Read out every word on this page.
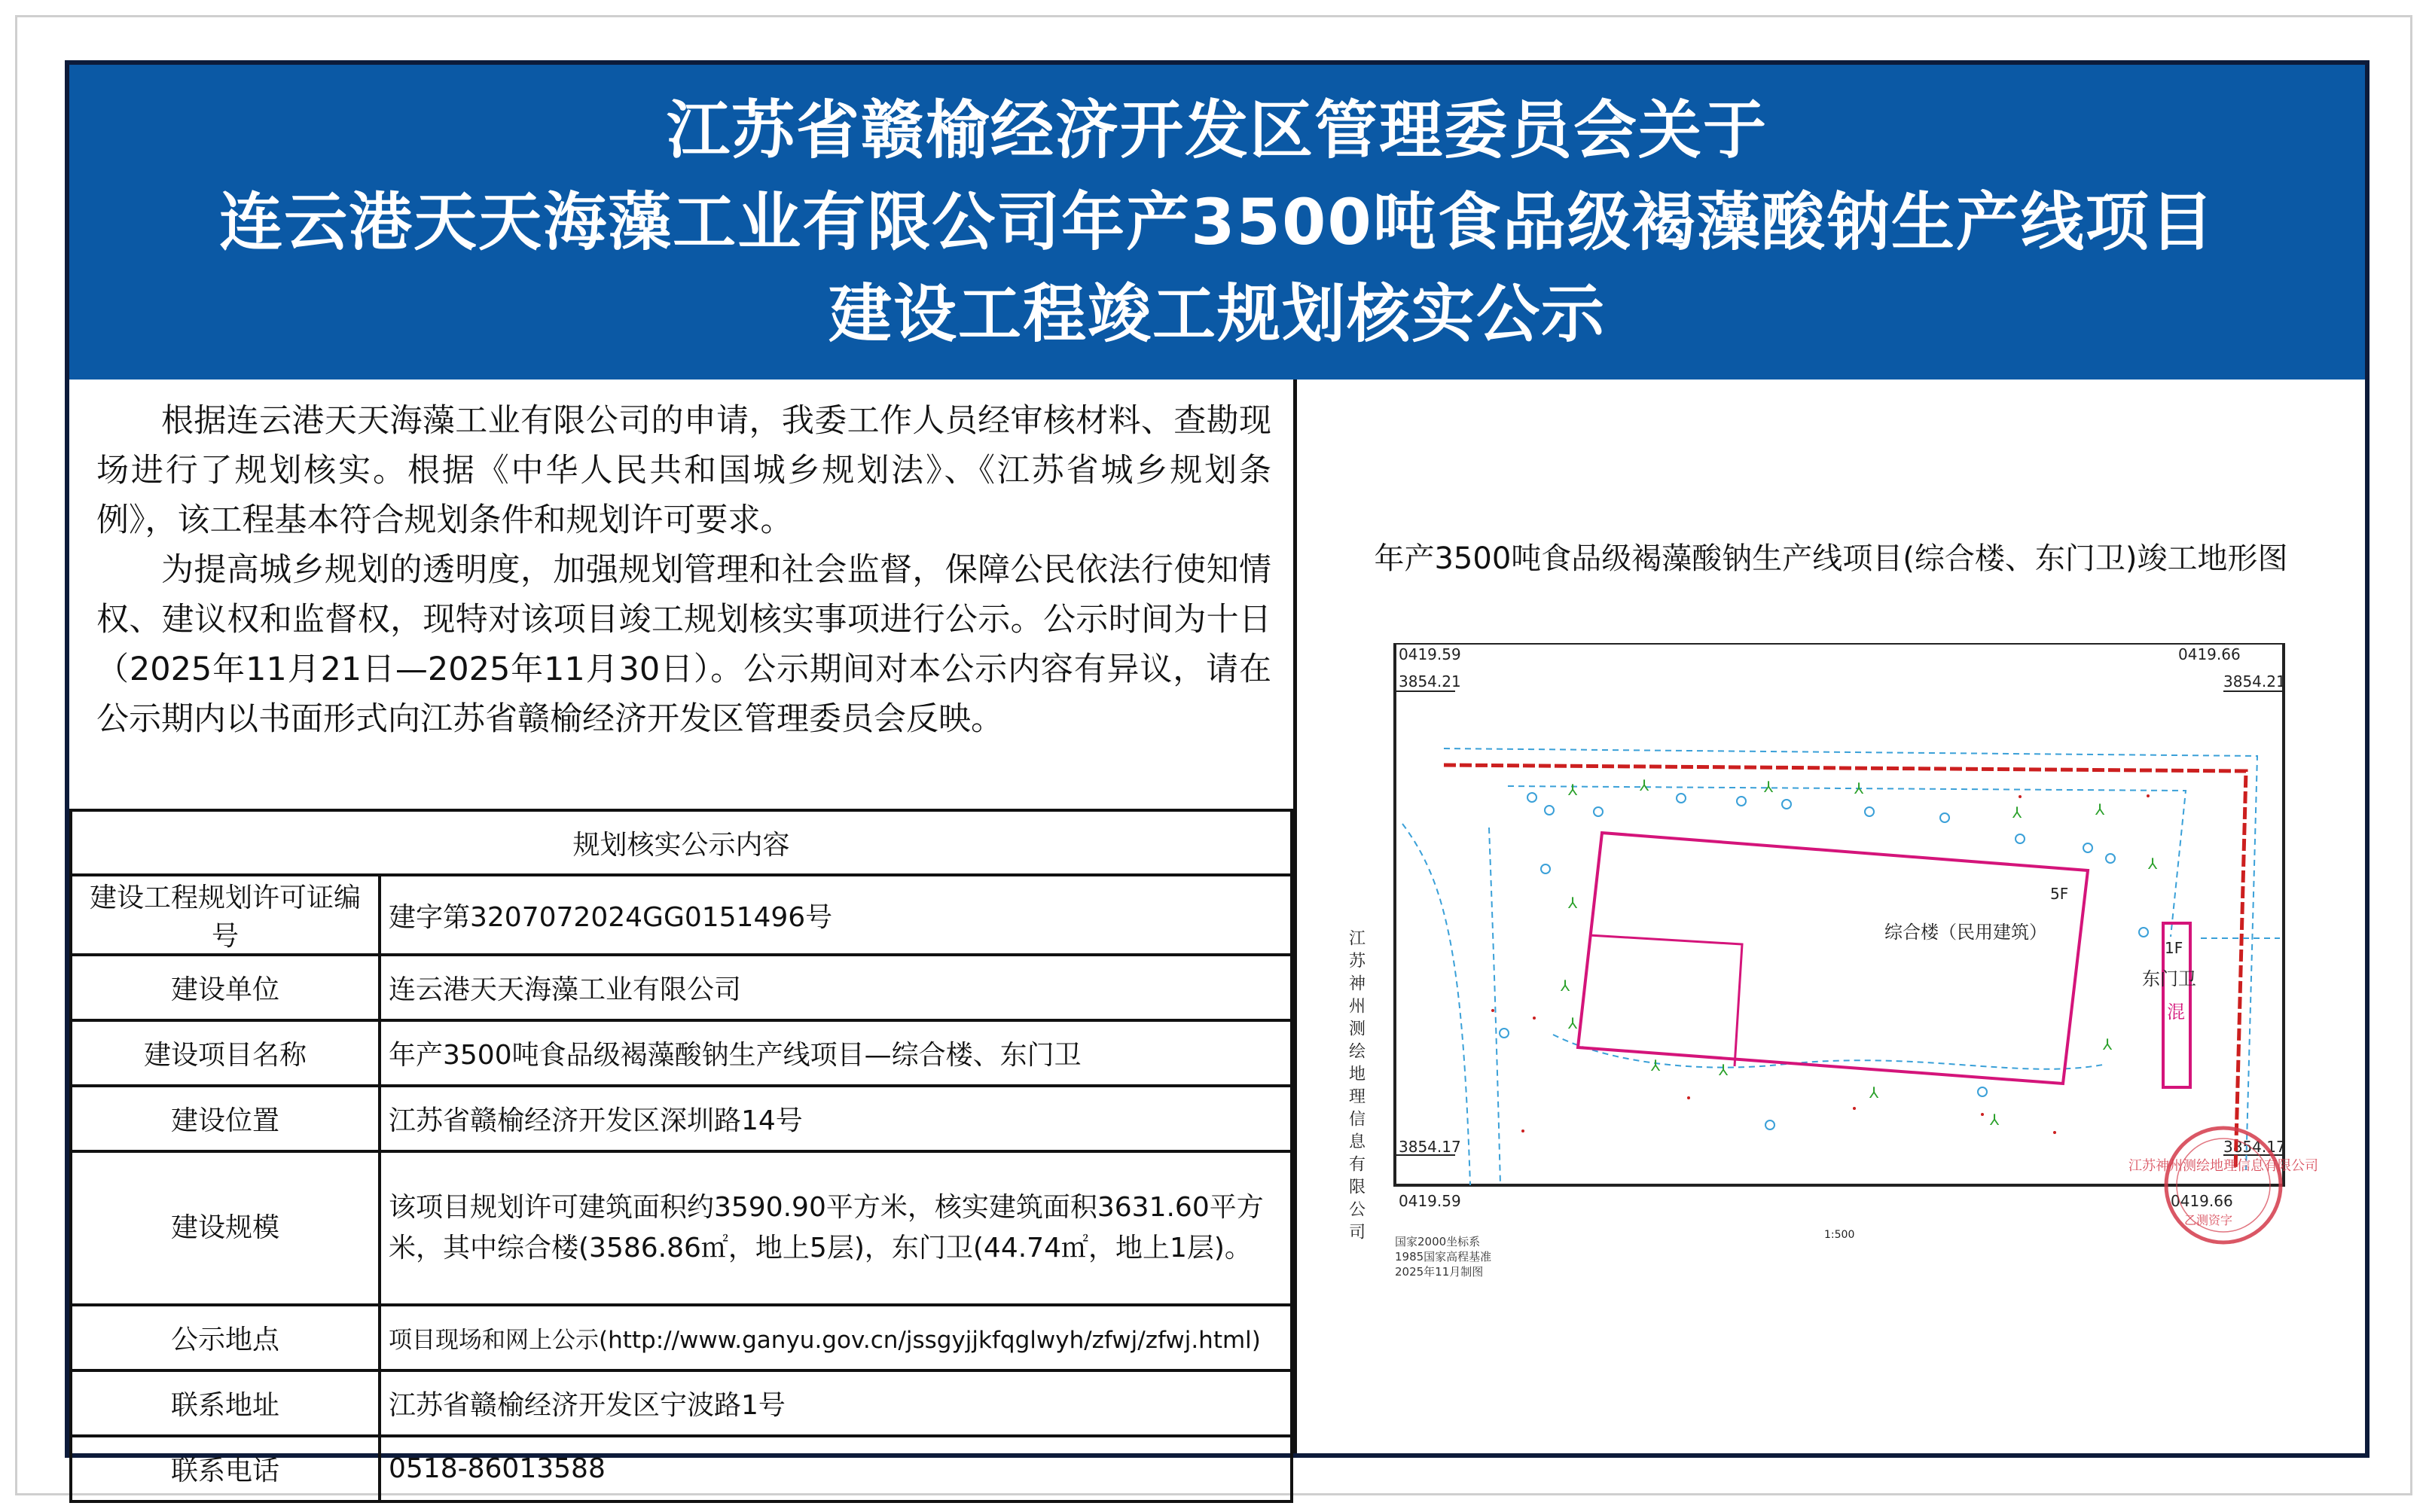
江苏省赣榆经济开发区管理委员会关于
连云港天天海藻工业有限公司年产3500吨食品级褐藻酸钠生产线项目
建设工程竣工规划核实公示

根据连云港天天海藻工业有限公司的申请，我委工作人员经审核材料、查勘现场进行了规划核实。根据《中华人民共和国城乡规划法》、《江苏省城乡规划条例》，该工程基本符合规划条件和规划许可要求。

为提高城乡规划的透明度，加强规划管理和社会监督，保障公民依法行使知情权、建议权和监督权，现特对该项目竣工规划核实事项进行公示。公示时间为十日（2025年11月21日—2025年11月30日）。公示期间对本公示内容有异议，请在公示期内以书面形式向江苏省赣榆经济开发区管理委员会反映。

规划核实公示内容	
建设工程规划许可证编号	建字第3207072024GG0151496号
建设单位	连云港天天海藻工业有限公司
建设项目名称	年产3500吨食品级褐藻酸钠生产线项目—综合楼、东门卫
建设位置	江苏省赣榆经济开发区深圳路14号
建设规模	该项目规划许可建筑面积约3590.90平方米，核实建筑面积3631.60平方米，其中综合楼(3586.86㎡，地上5层)，东门卫(44.74㎡，地上1层)。
公示地点	项目现场和网上公示(http://www.ganyu.gov.cn/jssgyjjkfqglwyh/zfwj/zfwj.html)
联系地址	江苏省赣榆经济开发区宁波路1号
联系电话	0518-86013588
年产3500吨食品级褐藻酸钠生产线项目(综合楼、东门卫)竣工地形图
0419.59	0419.66
3854.21	3854.21
3854.17	3854.17
0419.59	0419.66
5F
综合楼（民用建筑）
1F
东门卫
混
⅄	⅄	⅄	⅄
⅄	⅄
⅄
⅄
⅄
⅄	⅄
⅄
⅄
⅄
⅄
江苏神州测绘地理信息有限公司	1:500
国家2000坐标系
1985国家高程基准
2025年11月制图
江苏神州测绘地理信息有限公司
乙测资字
